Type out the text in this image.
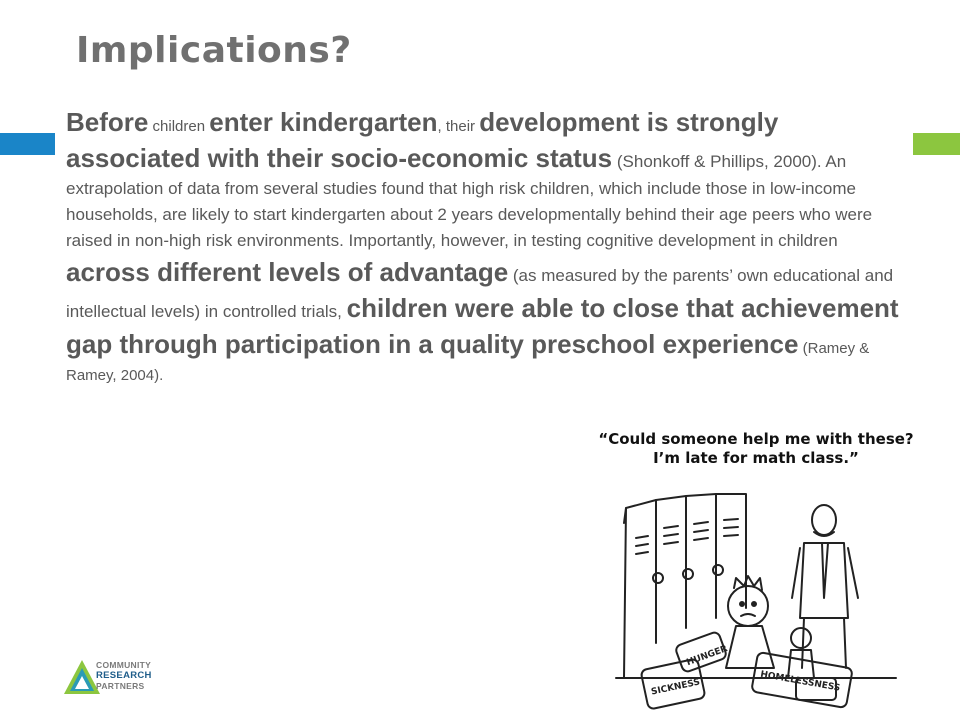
Implications?

Before children enter kindergarten, their development is strongly associated with their socio-economic status (Shonkoff & Phillips, 2000). An extrapolation of data from several studies found that high risk children, which include those in low-income households, are likely to start kindergarten about 2 years developmentally behind their age peers who were raised in non-high risk environments. Importantly, however, in testing cognitive development in children across different levels of advantage (as measured by the parents’ own educational and intellectual levels) in controlled trials, children were able to close that achievement gap through participation in a quality preschool experience (Ramey & Ramey, 2004).

“Could someone help me with these?
I’m late for math class.”

HUNGER
SICKNESS	HOMELESSNESS
COMMUNITY
RESEARCH
PARTNERS
